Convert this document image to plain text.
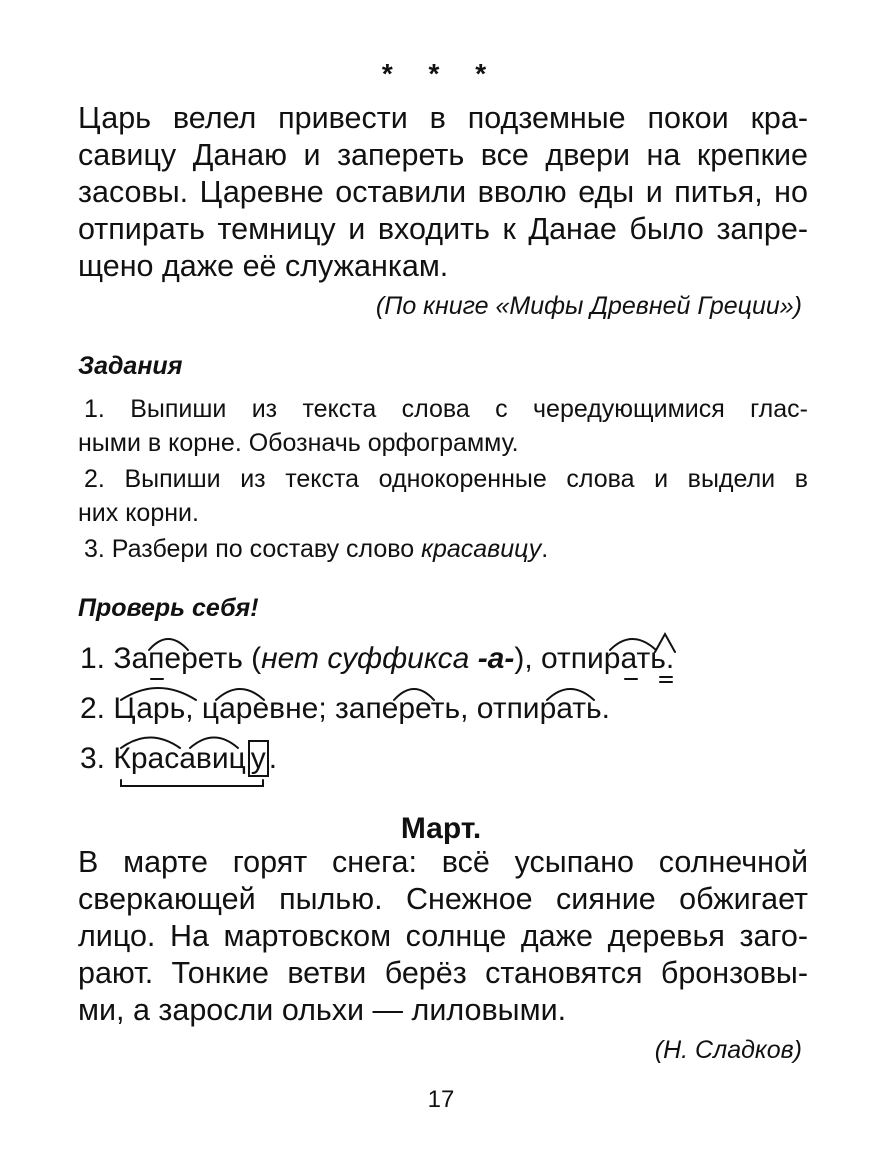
* * *
Царь велел привести в подземные покои кра-
савицу Данаю и запереть все двери на крепкие
засовы. Царевне оставили вволю еды и питья, но
отпирать темницу и входить к Данае было запре-
щено даже её служанкам.
(По книге «Мифы Древней Греции»)
Задания
1. Выпиши из текста слова с чередующимися глас-
ными в корне. Обозначь орфограмму.
2. Выпиши из текста однокоренные слова и выдели в
них корни.
3. Разбери по составу слово красавицу.
Проверь себя!
1. Запереть (нет суффикса -а-), отпирать.
2. Царь, царевне; запереть, отпирать.
3. Красавиц у .
Март.
В марте горят снега: всё усыпано солнечной
сверкающей пылью. Снежное сияние обжигает
лицо. На мартовском солнце даже деревья заго-
рают. Тонкие ветви берёз становятся бронзовы-
ми, а заросли ольхи — лиловыми.
(Н. Сладков)
17
